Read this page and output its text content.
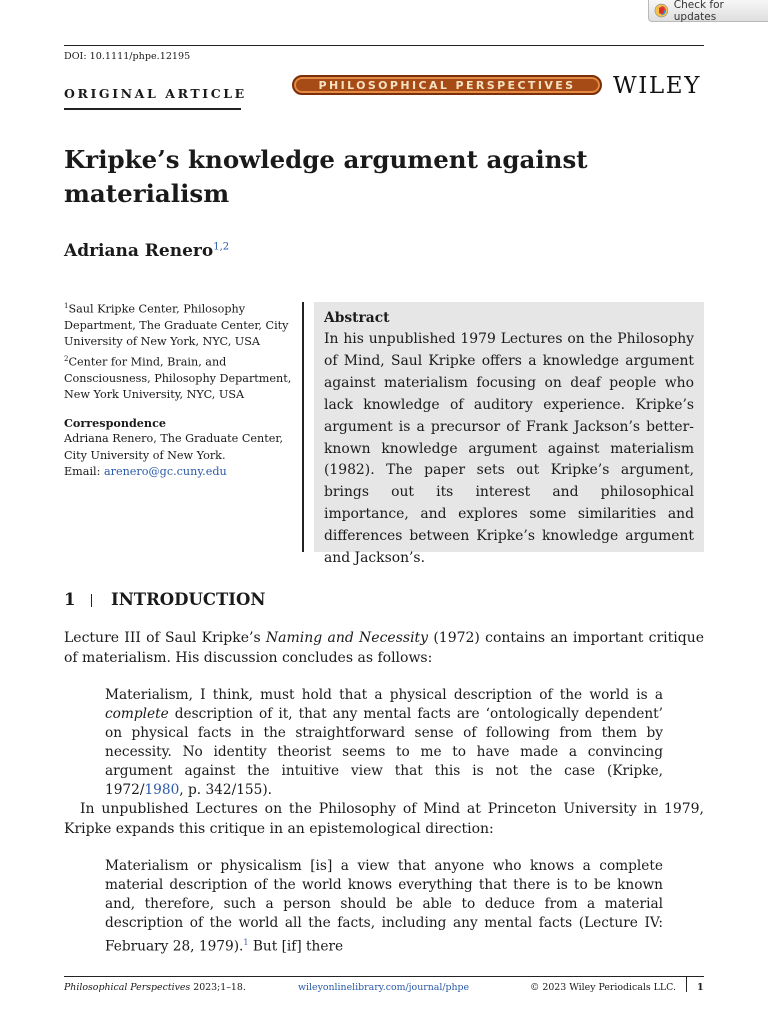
Check for updates
DOI: 10.1111/phpe.12195
ORIGINAL ARTICLE
PHILOSOPHICAL PERSPECTIVES WILEY
Kripke’s knowledge argument against materialism
Adriana Renero$^{1,2}$
$^1$Saul Kripke Center, Philosophy Department, The Graduate Center, City University of New York, NYC, USA
$^2$Center for Mind, Brain, and Consciousness, Philosophy Department, New York University, NYC, USA
Correspondence
Adriana Renero, The Graduate Center, City University of New York.
Email: arenero@gc.cuny.edu
Abstract
In his unpublished 1979 Lectures on the Philosophy of Mind, Saul Kripke offers a knowledge argument against materialism focusing on deaf people who lack knowledge of auditory experience. Kripke’s argument is a precursor of Frank Jackson’s better-known knowledge argument against materialism (1982). The paper sets out Kripke’s argument, brings out its interest and philosophical importance, and explores some similarities and differences between Kripke’s knowledge argument and Jackson’s.
1 INTRODUCTION
Lecture III of Saul Kripke’s Naming and Necessity (1972) contains an important critique of materialism. His discussion concludes as follows:
Materialism, I think, must hold that a physical description of the world is a complete description of it, that any mental facts are ‘ontologically dependent’ on physical facts in the straightforward sense of following from them by necessity. No identity theorist seems to me to have made a convincing argument against the intuitive view that this is not the case (Kripke, 1972/1980, p. 342/155).
In unpublished Lectures on the Philosophy of Mind at Princeton University in 1979, Kripke expands this critique in an epistemological direction:
Materialism or physicalism [is] a view that anyone who knows a complete material description of the world knows everything that there is to be known and, therefore, such a person should be able to deduce from a material description of the world all the facts, including any mental facts (Lecture IV: February 28, 1979).$^1$ But [if] there
Philosophical Perspectives 2023;1–18.	wileyonlinelibrary.com/journal/phpe	© 2023 Wiley Periodicals LLC. 1
